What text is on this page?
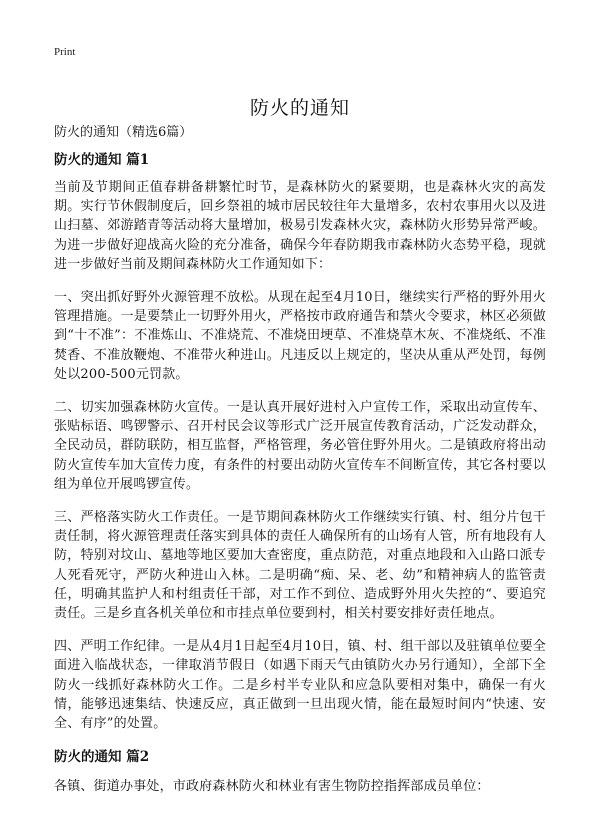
Print
防火的通知
防火的通知（精选6篇）
防火的通知 篇1

当前及节期间正值春耕备耕繁忙时节，是森林防火的紧要期，也是森林火灾的高发期。实行节休假制度后，回乡祭祖的城市居民较往年大量增多，农村农事用火以及进山扫墓、郊游踏青等活动将大量增加，极易引发森林火灾，森林防火形势异常严峻。为进一步做好迎战高火险的充分准备，确保今年春防期我市森林防火态势平稳，现就进一步做好当前及期间森林防火工作通知如下：

一、突出抓好野外火源管理不放松。从现在起至4月10日，继续实行严格的野外用火管理措施。一是要禁止一切野外用火，严格按市政府通告和禁火令要求，林区必须做到“十不准”：不准炼山、不准烧荒、不准烧田埂草、不准烧草木灰、不准烧纸、不准焚香、不准放鞭炮、不准带火种进山。凡违反以上规定的，坚决从重从严处罚，每例处以200-500元罚款。

二、切实加强森林防火宣传。一是认真开展好进村入户宣传工作，采取出动宣传车、张贴标语、鸣锣警示、召开村民会议等形式广泛开展宣传教育活动，广泛发动群众，全民动员，群防联防，相互监督，严格管理，务必管住野外用火。二是镇政府将出动防火宣传车加大宣传力度，有条件的村要出动防火宣传车不间断宣传，其它各村要以组为单位开展鸣锣宣传。

三、严格落实防火工作责任。一是节期间森林防火工作继续实行镇、村、组分片包干责任制，将火源管理责任落实到具体的责任人确保所有的山场有人管，所有地段有人防，特别对坟山、墓地等地区要加大查密度，重点防范，对重点地段和入山路口派专人死看死守，严防火种进山入林。二是明确“痴、呆、老、幼”和精神病人的监管责任，明确其监护人和村组责任干部，对工作不到位、造成野外用火失控的“、要追究责任。三是乡直各机关单位和市挂点单位要到村，相关村要安排好责任地点。

四、严明工作纪律。一是从4月1日起至4月10日，镇、村、组干部以及驻镇单位要全面进入临战状态，一律取消节假日（如遇下雨天气由镇防火办另行通知），全部下全防火一线抓好森林防火工作。二是乡村半专业队和应急队要相对集中，确保一有火情，能够迅速集结、快速反应，真正做到一旦出现火情，能在最短时间内“快速、安全、有序”的处置。

防火的通知 篇2

各镇、街道办事处，市政府森林防火和林业有害生物防控指挥部成员单位：
